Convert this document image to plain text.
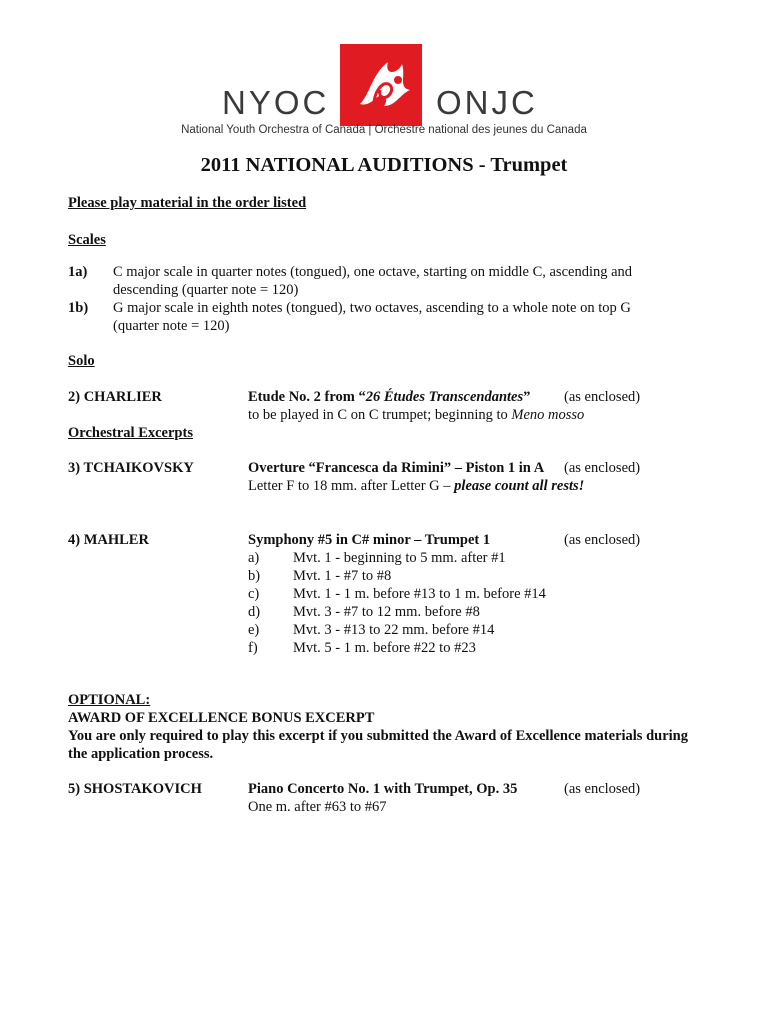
NYOC	ONJC
National Youth Orchestra of Canada | Orchestre national des jeunes du Canada
2011 NATIONAL AUDITIONS - Trumpet
Please play material in the order listed
Scales
1a) C major scale in quarter notes (tongued), one octave, starting on middle C, ascending and descending (quarter note = 120)
1b) G major scale in eighth notes (tongued), two octaves, ascending to a whole note on top G (quarter note = 120)
Solo
2) CHARLIER	Etude No. 2 from “26 Études Transcendantes” (as enclosed)
to be played in C on C trumpet; beginning to Meno mosso
Orchestral Excerpts
3) TCHAIKOVSKY	Overture “Francesca da Rimini” – Piston 1 in A (as enclosed)
Letter F to 18 mm. after Letter G – please count all rests!
4) MAHLER	Symphony #5 in C# minor – Trumpet 1	(as enclosed)
a) Mvt. 1 - beginning to 5 mm. after #1
b) Mvt. 1 - #7 to #8
c) Mvt. 1 - 1 m. before #13 to 1 m. before #14
d) Mvt. 3 - #7 to 12 mm. before #8
e) Mvt. 3 - #13 to 22 mm. before #14
f) Mvt. 5 - 1 m. before #22 to #23
OPTIONAL:
AWARD OF EXCELLENCE BONUS EXCERPT
You are only required to play this excerpt if you submitted the Award of Excellence materials during the application process.
5) SHOSTAKOVICH	Piano Concerto No. 1 with Trumpet, Op. 35	(as enclosed)
One m. after #63 to #67
